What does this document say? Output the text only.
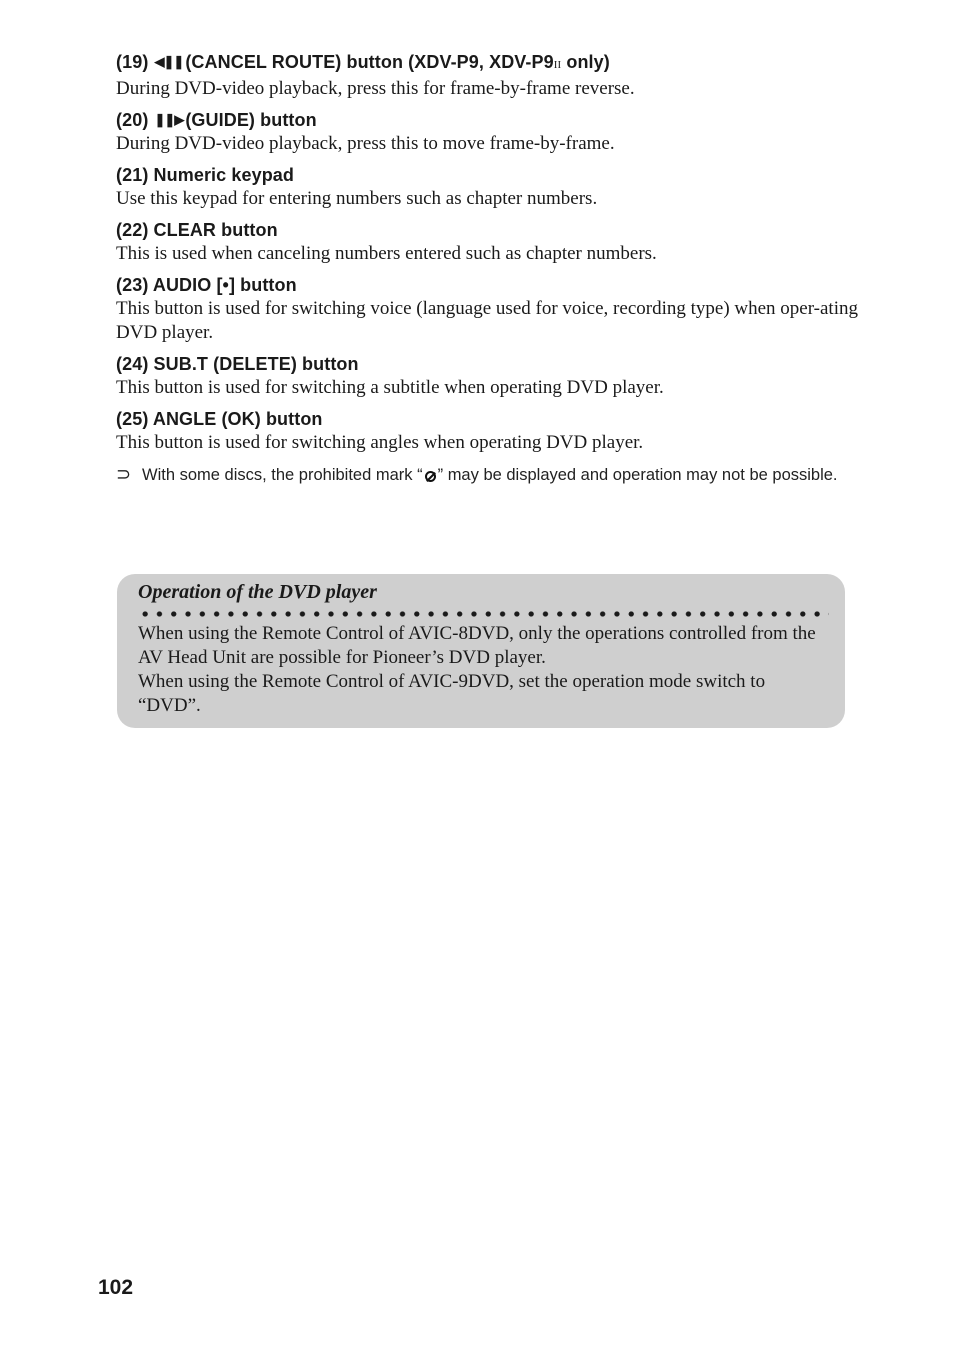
(19) ◀❚❚ (CANCEL ROUTE) button (XDV-P9, XDV-P9II only)

During DVD-video playback, press this for frame-by-frame reverse.

(20) ❚❚▶ (GUIDE) button

During DVD-video playback, press this to move frame-by-frame.

(21) Numeric keypad

Use this keypad for entering numbers such as chapter numbers.

(22) CLEAR button

This is used when canceling numbers entered such as chapter numbers.

(23) AUDIO [•] button

This button is used for switching voice (language used for voice, recording type) when oper-ating DVD player.

(24) SUB.T (DELETE) button

This button is used for switching a subtitle when operating DVD player.

(25) ANGLE (OK) button

This button is used for switching angles when operating DVD player.

⊃ With some discs, the prohibited mark “ ” may be displayed and operation may not be possible.

Operation of the DVD player

When using the Remote Control of AVIC-8DVD, only the operations controlled from the AV Head Unit are possible for Pioneer’s DVD player.

When using the Remote Control of AVIC-9DVD, set the operation mode switch to “DVD”.

102
